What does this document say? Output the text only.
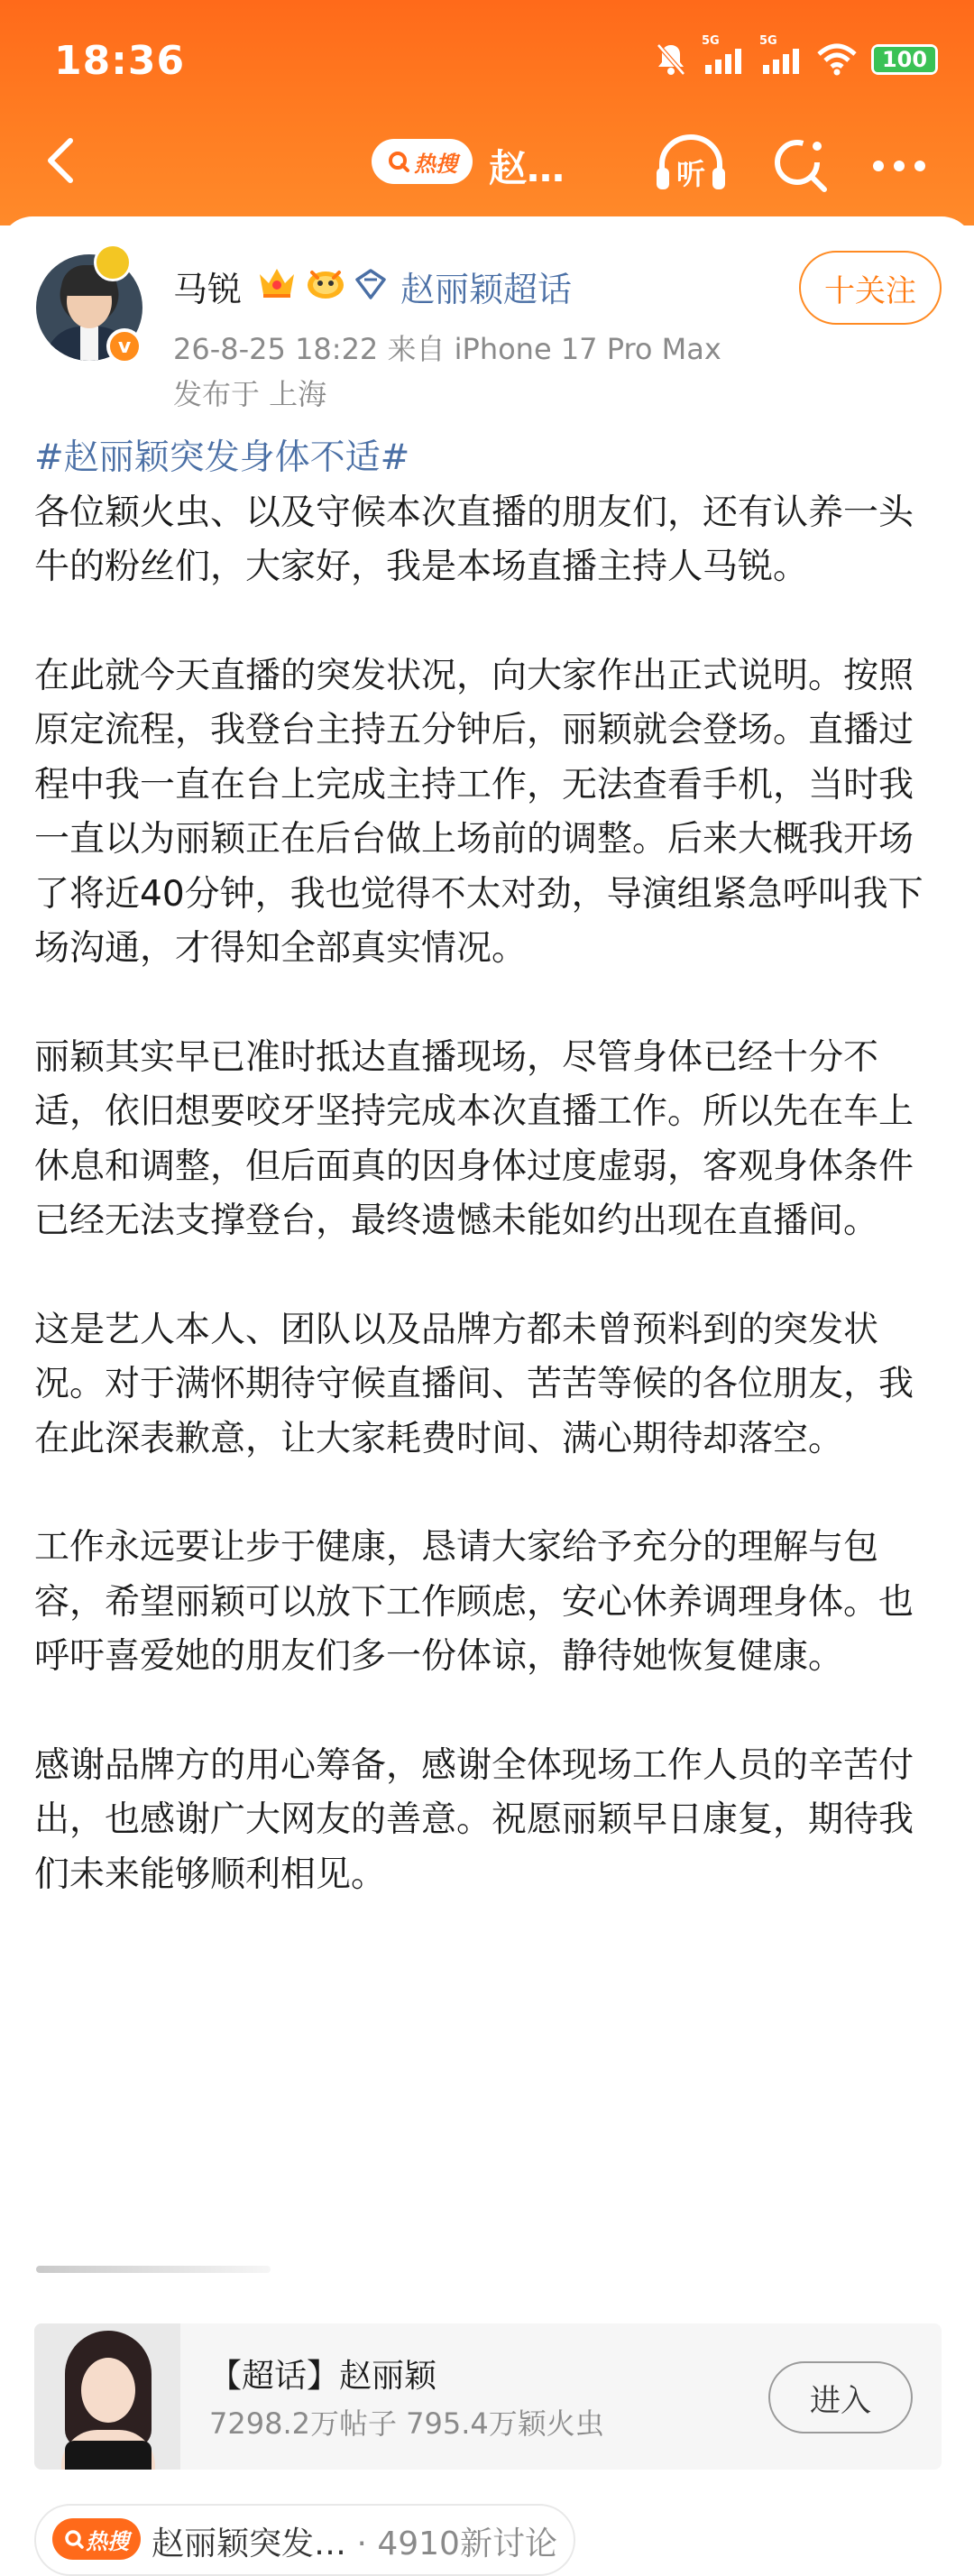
18:36	5G	5G
100
热搜 赵…	听
v
马锐	赵丽颖超话	十关注
26-8-25 18:22 来自 iPhone 17 Pro Max
发布于 上海
#赵丽颖突发身体不适#

各位颖火虫、以及守候本次直播的朋友们，还有认养一头牛的粉丝们，大家好，我是本场直播主持人马锐。

在此就今天直播的突发状况，向大家作出正式说明。按照原定流程，我登台主持五分钟后，丽颖就会登场。直播过程中我一直在台上完成主持工作，无法查看手机，当时我一直以为丽颖正在后台做上场前的调整。后来大概我开场了将近40分钟，我也觉得不太对劲，导演组紧急呼叫我下场沟通，才得知全部真实情况。

丽颖其实早已准时抵达直播现场，尽管身体已经十分不适，依旧想要咬牙坚持完成本次直播工作。所以先在车上休息和调整，但后面真的因身体过度虚弱，客观身体条件已经无法支撑登台，最终遗憾未能如约出现在直播间。

这是艺人本人、团队以及品牌方都未曾预料到的突发状况。对于满怀期待守候直播间、苦苦等候的各位朋友，我在此深表歉意，让大家耗费时间、满心期待却落空。

工作永远要让步于健康，恳请大家给予充分的理解与包容，希望丽颖可以放下工作顾虑，安心休养调理身体。也呼吁喜爱她的朋友们多一份体谅，静待她恢复健康。

感谢品牌方的用心筹备，感谢全体现场工作人员的辛苦付出，也感谢广大网友的善意。祝愿丽颖早日康复，期待我们未来能够顺利相见。

【超话】赵丽颖
7298.2万帖子 795.4万颖火虫
进入
热搜 赵丽颖突发… · 4910新讨论
